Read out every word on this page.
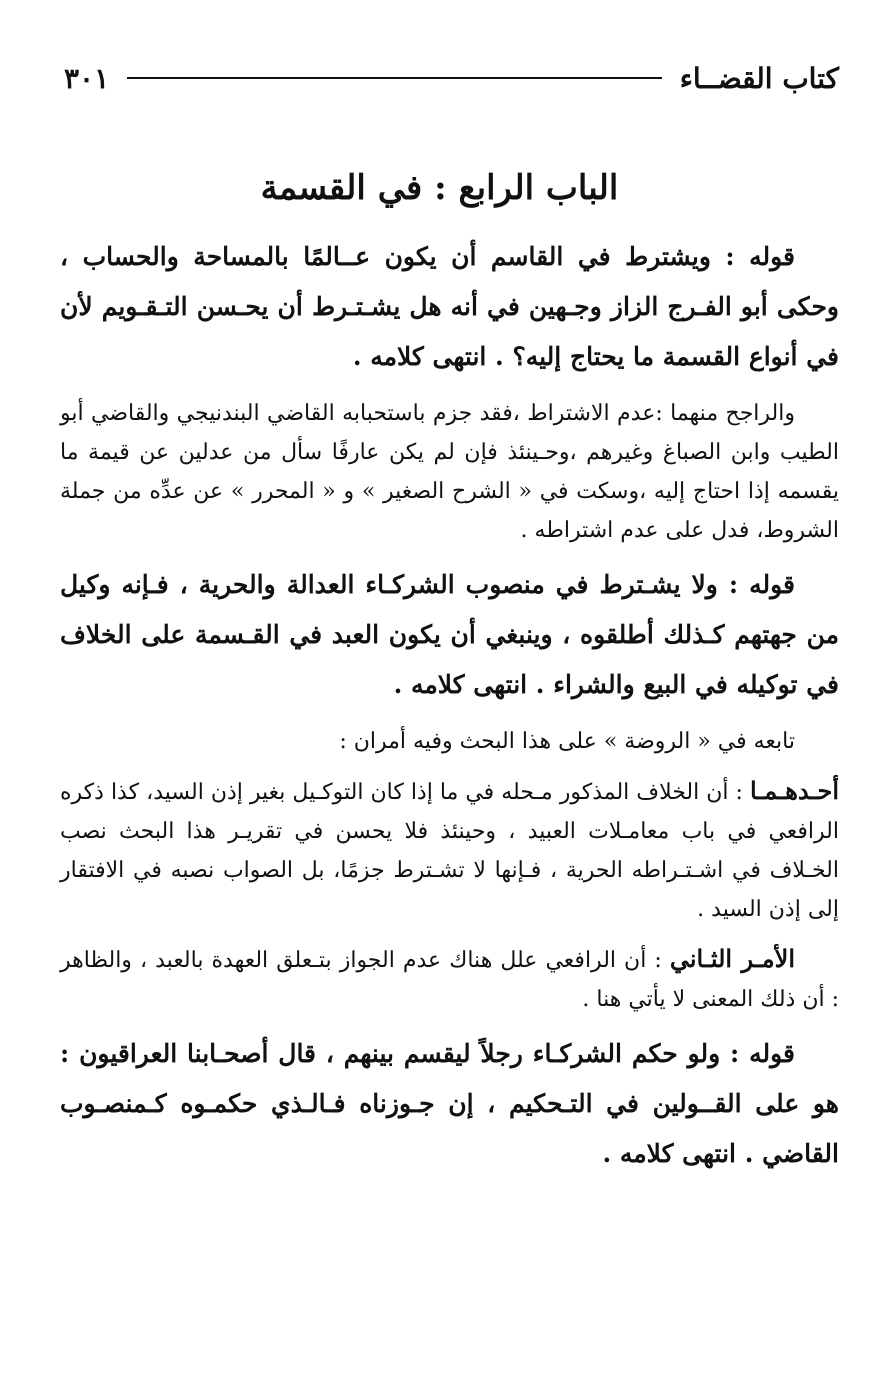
كتاب القضــاء
٣٠١
الباب الرابع : في القسمة

قوله : ويشترط في القاسم أن يكون عــالمًا بالمساحة والحساب ، وحكى أبو الفـرج الزاز وجـهين في أنه هل يشـتـرط أن يحـسن التـقـويم لأن في أنواع القسمة ما يحتاج إليه؟ . انتهى كلامه .

والراجح منهما :عدم الاشتراط ،فقد جزم باستحبابه القاضي البندنيجي والقاضي أبو الطيب وابن الصباغ وغيرهم ،وحـينئذ فإن لم يكن عارفًا سأل من عدلين عن قيمة ما يقسمه إذا احتاج إليه ،وسكت في « الشرح الصغير » و « المحرر » عن عدِّه من جملة الشروط، فدل على عدم اشتراطه .

قوله : ولا يشـترط في منصوب الشركـاء العدالة والحرية ، فـإنه وكيل من جهتهم كـذلك أطلقوه ، وينبغي أن يكون العبد في القـسمة على الخلاف في توكيله في البيع والشراء . انتهى كلامه .

تابعه في « الروضة » على هذا البحث وفيه أمران :

أحـدهـمـا : أن الخلاف المذكور مـحله في ما إذا كان التوكـيل بغير إذن السيد، كذا ذكره الرافعي في باب معامـلات العبيد ، وحينئذ فلا يحسن في تقريـر هذا البحث نصب الخـلاف في اشـتـراطه الحرية ، فـإنها لا تشـترط جزمًا، بل الصواب نصبه في الافتقار إلى إذن السيد .

الأمـر الثـاني : أن الرافعي علل هناك عدم الجواز بتـعلق العهدة بالعبد ، والظاهر : أن ذلك المعنى لا يأتي هنا .

قوله : ولو حكم الشركـاء رجلاً ليقسم بينهم ، قال أصحـابنا العراقيون : هو على القــولين في التـحكيم ، إن جـوزناه فـالـذي حكمـوه كـمنصـوب القاضي . انتهى كلامه .
